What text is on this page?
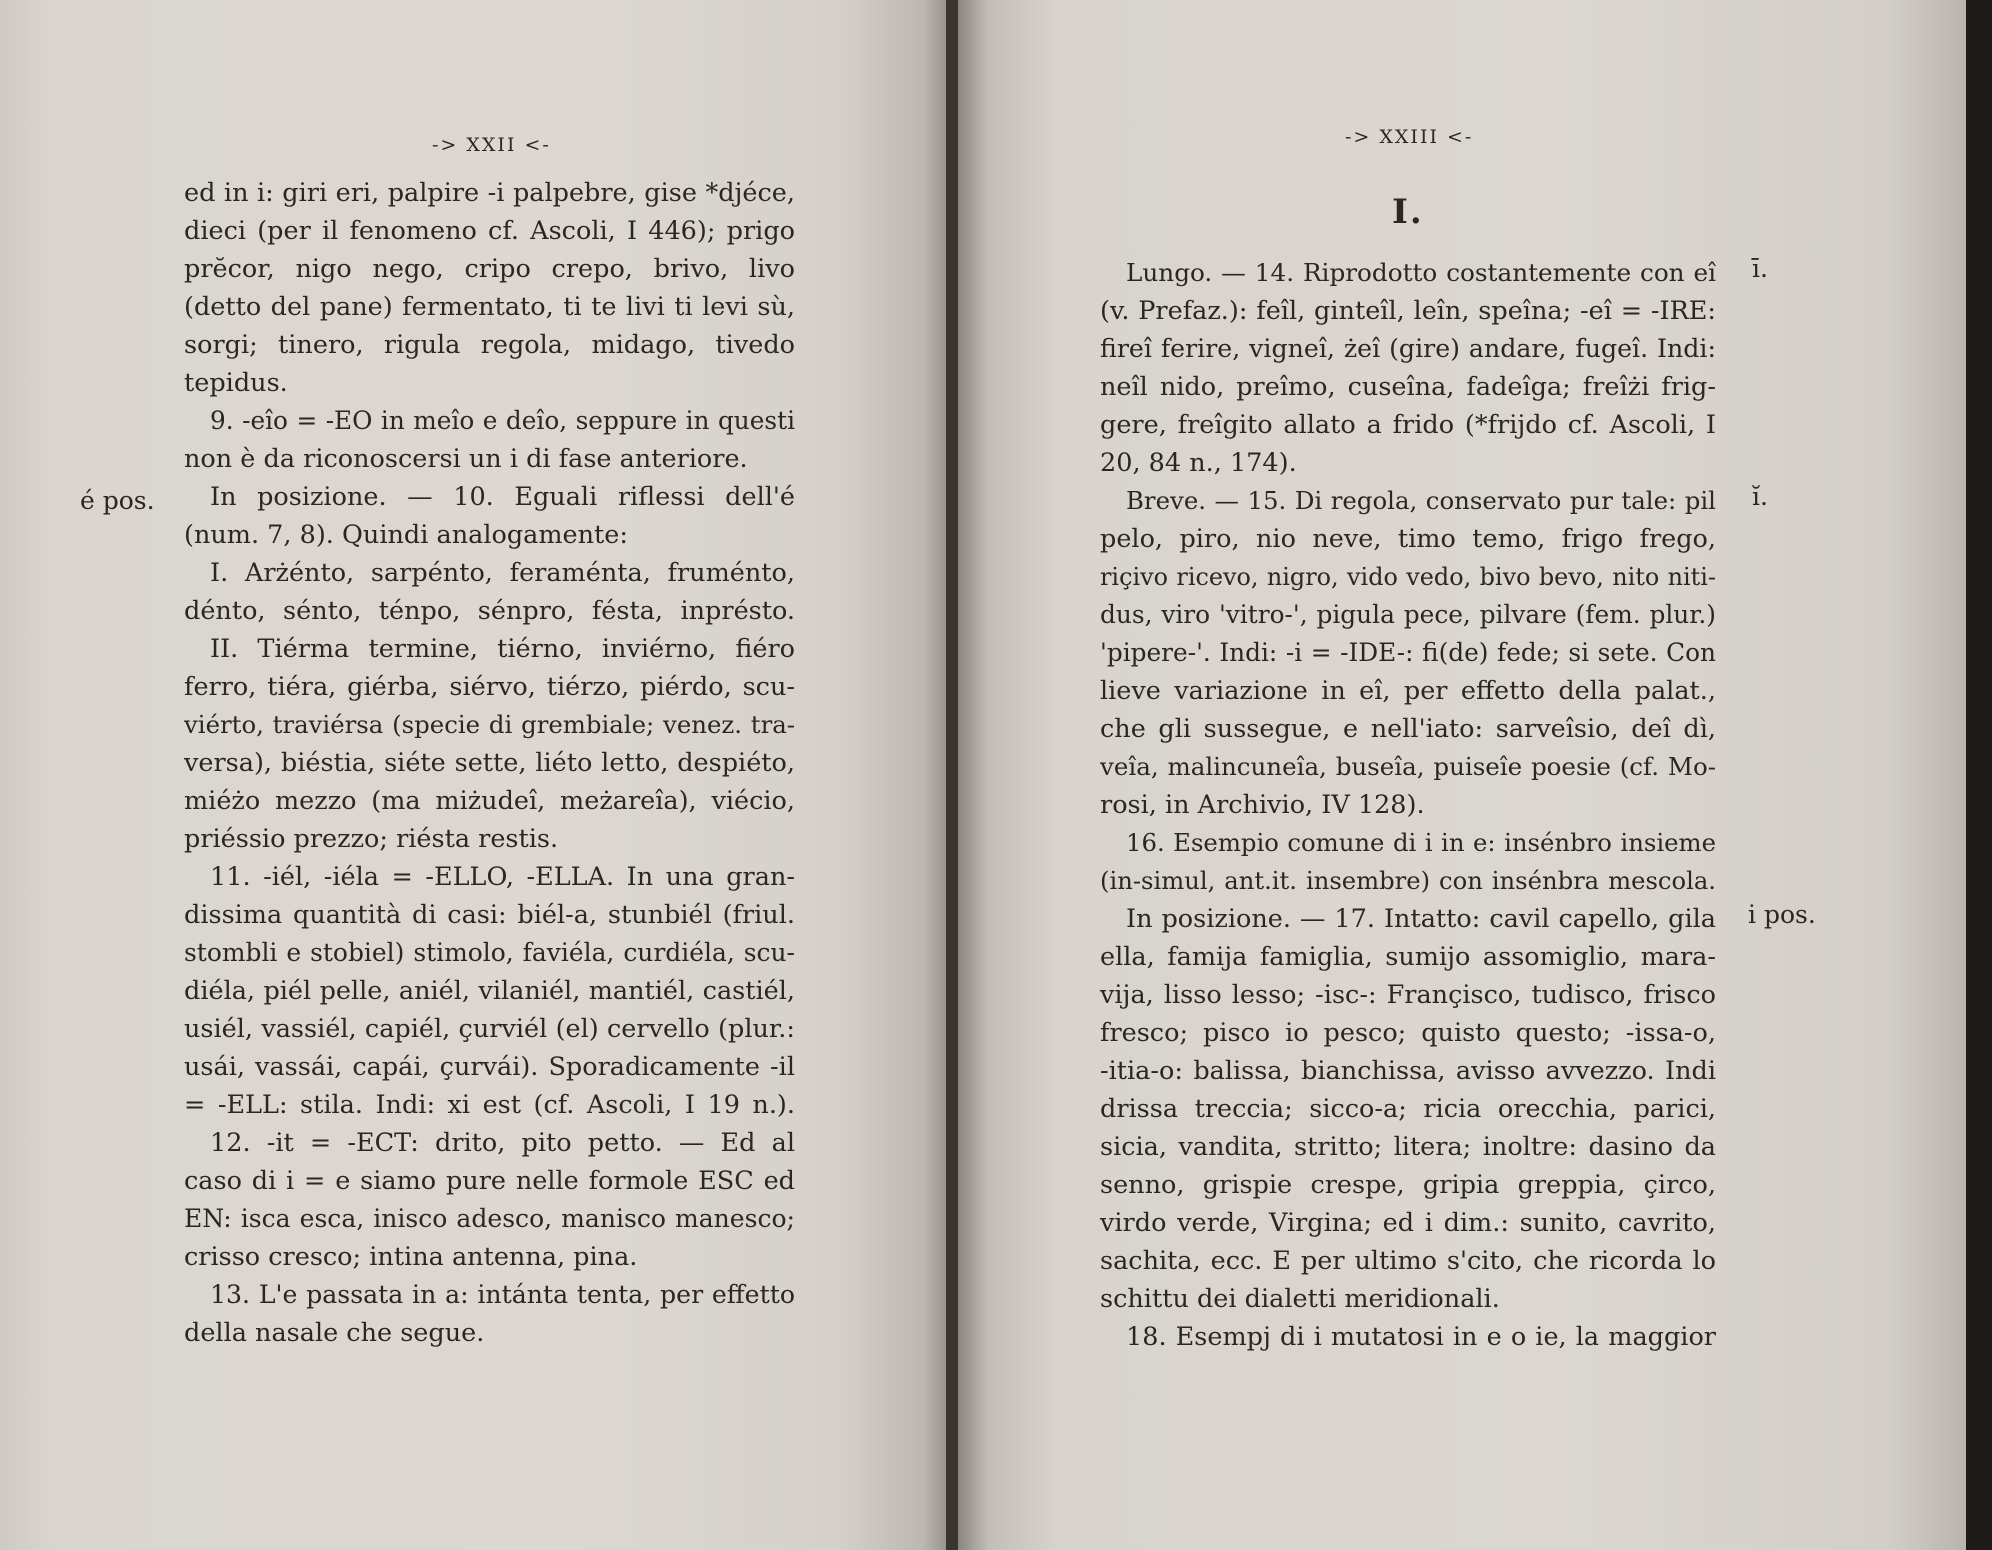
-> XXII <-
é pos.
ed in i: giri eri, palpire -i palpebre, gise *djéce,
dieci (per il fenomeno cf. Ascoli, I 446); prigo
prĕcor, nigo nego, cripo crepo, brivo, livo
(detto del pane) fermentato, ti te livi ti levi sù,
sorgi; tinero, rigula regola, midago, tivedo
tepidus.
9. -eîo = -EO in meîo e deîo, seppure in questi
non è da riconoscersi un i di fase anteriore.
In posizione. — 10. Eguali riflessi dell'é
(num. 7, 8). Quindi analogamente:
I. Arżénto, sarpénto, feraménta, fruménto,
dénto, sénto, ténpo, sénpro, fésta, inprésto.
II. Tiérma termine, tiérno, inviérno, fiéro
ferro, tiéra, giérba, siérvo, tiérzo, piérdo, scu-
viérto, traviérsa (specie di grembiale; venez. tra-
versa), biéstia, siéte sette, liéto letto, despiéto,
miéżo mezzo (ma miżudeî, meżareîa), viécio,
priéssio prezzo; riésta restis.
11. -iél, -iéla = -ELLO, -ELLA. In una gran-
dissima quantità di casi: biél-a, stunbiél (friul.
stombli e stobiel) stimolo, faviéla, curdiéla, scu-
diéla, piél pelle, aniél, vilaniél, mantiél, castiél,
usiél, vassiél, capiél, çurviél (el) cervello (plur.:
usái, vassái, capái, çurvái). Sporadicamente -il
= -ELL: stila. Indi: xi est (cf. Ascoli, I 19 n.).
12. -it = -ECT: drito, pito petto. — Ed al
caso di i = e siamo pure nelle formole ESC ed
EN: isca esca, inisco adesco, manisco manesco;
crisso cresco; intina antenna, pina.
13. L'e passata in a: intánta tenta, per effetto
della nasale che segue.
-> XXIII <-
I.
ī.
ĭ.
i pos.
Lungo. — 14. Riprodotto costantemente con eî
(v. Prefaz.): feîl, ginteîl, leîn, speîna; -eî = -IRE:
fireî ferire, vigneî, żeî (gire) andare, fugeî. Indi:
neîl nido, preîmo, cuseîna, fadeîga; freîżi frig-
gere, freîgito allato a frido (*frijdo cf. Ascoli, I
20, 84 n., 174).
Breve. — 15. Di regola, conservato pur tale: pil
pelo, piro, nio neve, timo temo, frigo frego,
riçivo ricevo, nigro, vido vedo, bivo bevo, nito niti-
dus, viro 'vitro-', pigula pece, pilvare (fem. plur.)
'pipere-'. Indi: -i = -IDE-: fi(de) fede; si sete. Con
lieve variazione in eî, per effetto della palat.,
che gli sussegue, e nell'iato: sarveîsio, deî dì,
veîa, malincuneîa, buseîa, puiseîe poesie (cf. Mo-
rosi, in Archivio, IV 128).
16. Esempio comune di i in e: insénbro insieme
(in-simul, ant.it. insembre) con insénbra mescola.
In posizione. — 17. Intatto: cavil capello, gila
ella, famija famiglia, sumijo assomiglio, mara-
vija, lisso lesso; -isc-: Françisco, tudisco, frisco
fresco; pisco io pesco; quisto questo; -issa-o,
-itia-o: balissa, bianchissa, avisso avvezzo. Indi
drissa treccia; sicco-a; ricia orecchia, parici,
sicia, vandita, stritto; litera; inoltre: dasino da
senno, grispie crespe, gripia greppia, çirco,
virdo verde, Virgina; ed i dim.: sunito, cavrito,
sachita, ecc. E per ultimo s'cito, che ricorda lo
schittu dei dialetti meridionali.
18. Esempj di i mutatosi in e o ie, la maggior
